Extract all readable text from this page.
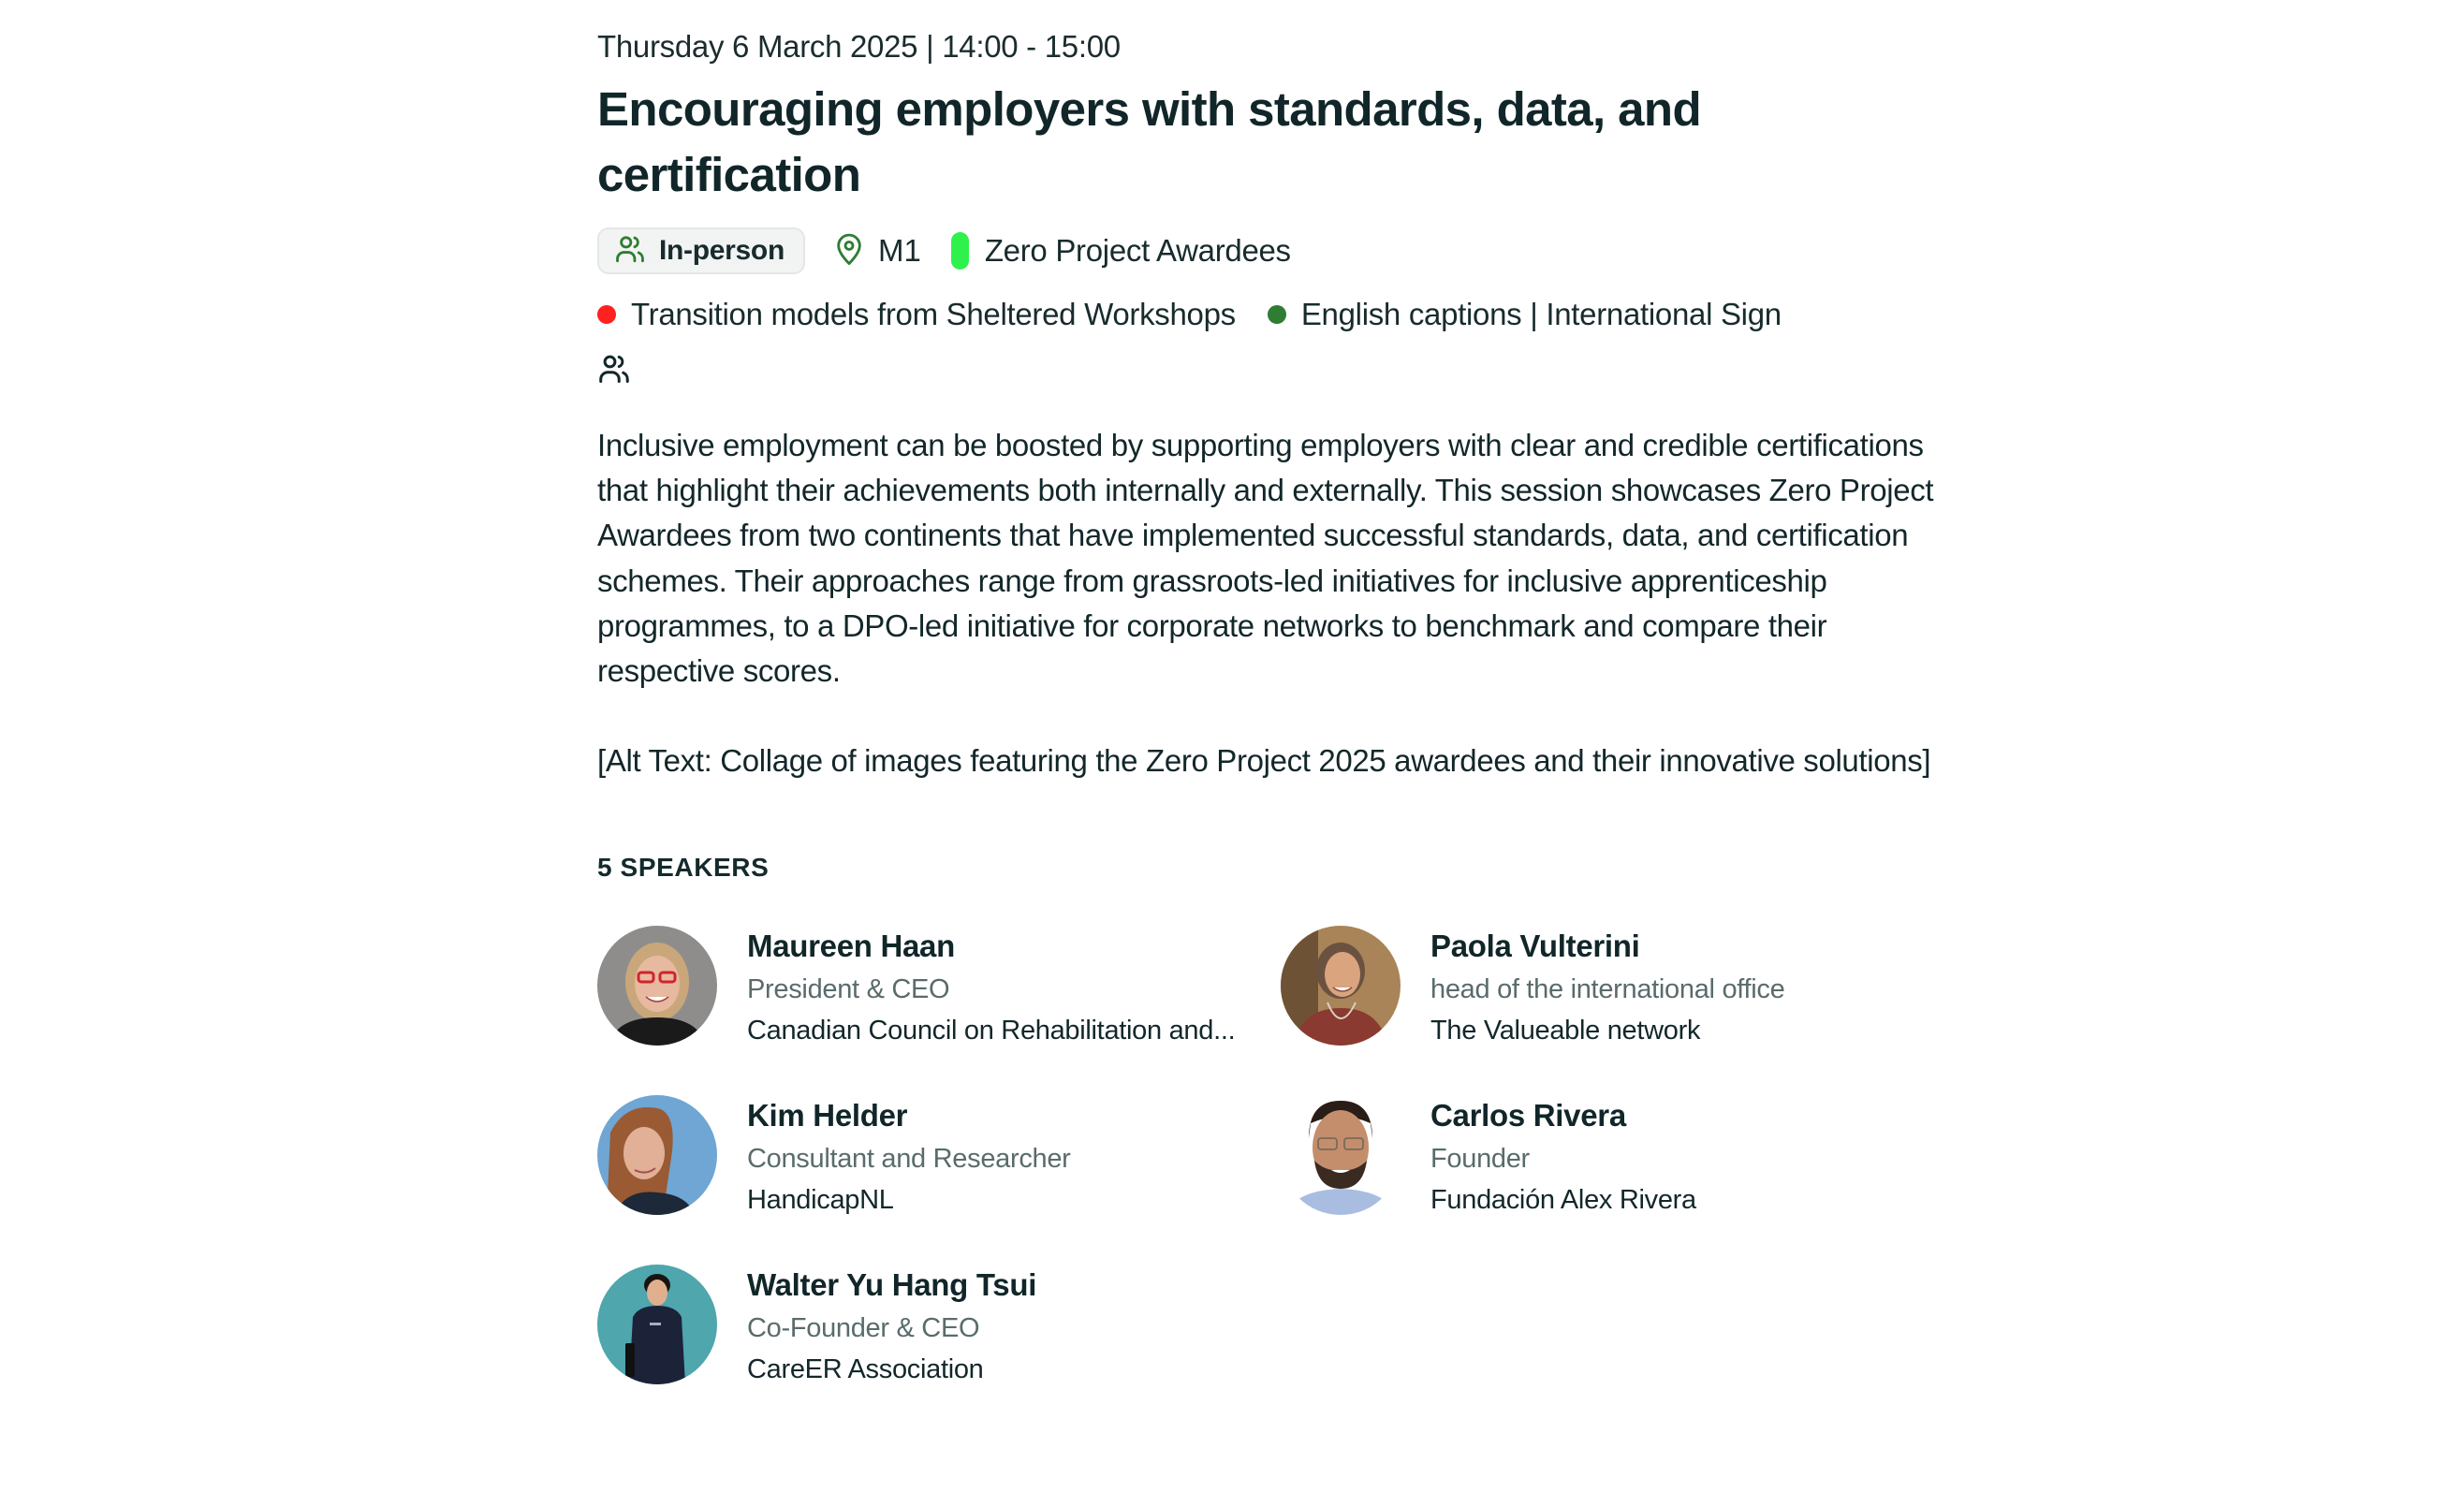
Thursday 6 March 2025 | 14:00 - 15:00
Encouraging employers with standards, data, and certification
In-person	M1 Zero Project Awardees
Transition models from Sheltered Workshops English captions | International Sign

Inclusive employment can be boosted by supporting employers with clear and credible certifications that highlight their achievements both internally and externally. This session showcases Zero Project Awardees from two continents that have implemented successful standards, data, and certification schemes. Their approaches range from grassroots-led initiatives for inclusive apprenticeship programmes, to a DPO-led initiative for corporate networks to benchmark and compare their respective scores.

[Alt Text: Collage of images featuring the Zero Project 2025 awardees and their innovative solutions]

5 SPEAKERS
Maureen Haan
President & CEO
Canadian Council on Rehabilitation and...
Paola Vulterini
head of the international office
The Valueable network
Kim Helder
Consultant and Researcher
HandicapNL
Carlos Rivera
Founder
Fundación Alex Rivera
Walter Yu Hang Tsui
Co-Founder & CEO
CareER Association
